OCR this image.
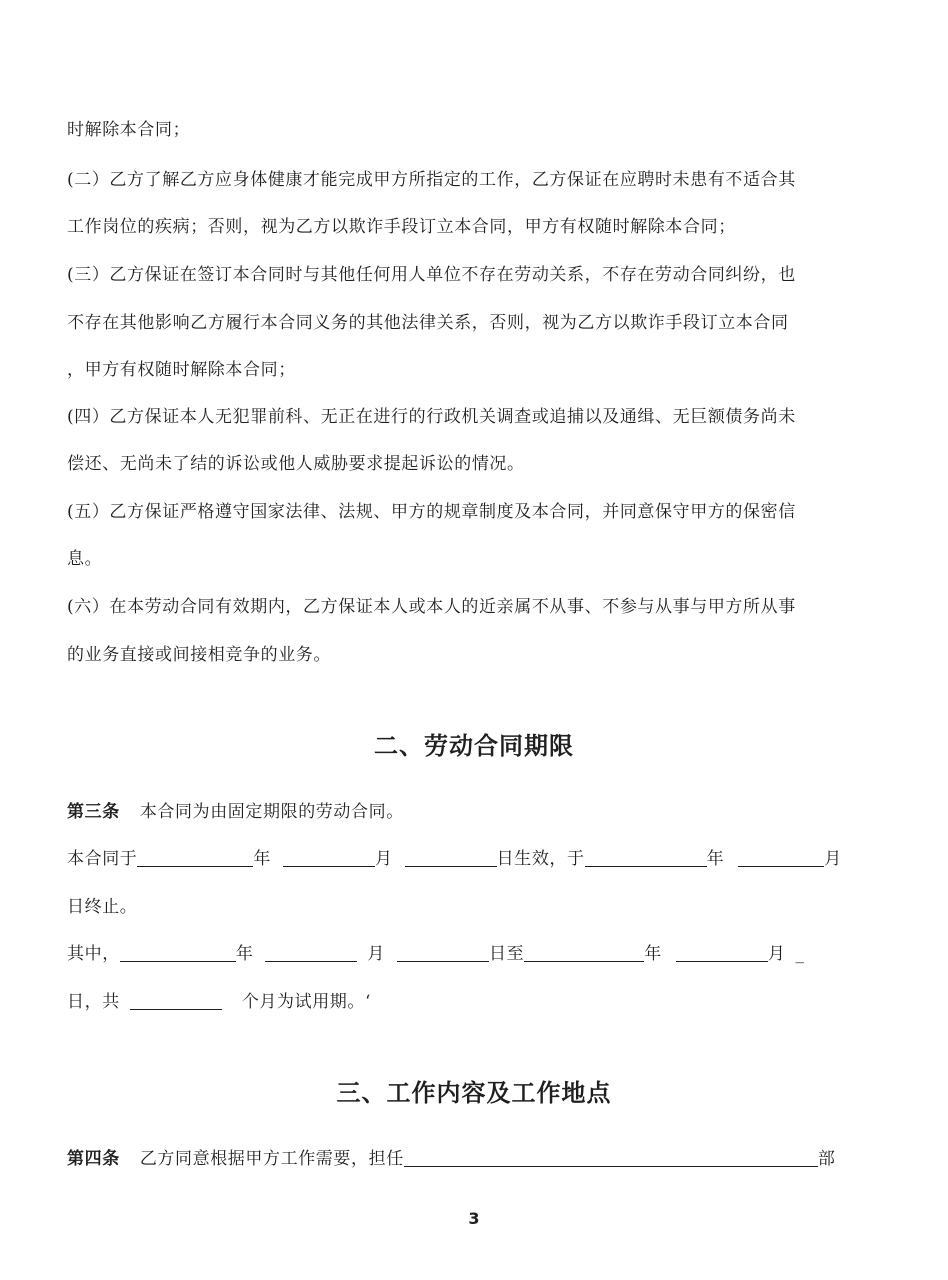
时解除本合同；
(二）乙方了解乙方应身体健康才能完成甲方所指定的工作，乙方保证在应聘时未患有不适合其
工作岗位的疾病；否则，视为乙方以欺诈手段订立本合同，甲方有权随时解除本合同；
(三）乙方保证在签订本合同时与其他任何用人单位不存在劳动关系，不存在劳动合同纠纷，也
不存在其他影响乙方履行本合同义务的其他法律关系，否则，视为乙方以欺诈手段订立本合同
，甲方有权随时解除本合同；
(四）乙方保证本人无犯罪前科、无正在进行的行政机关调查或追捕以及通缉、无巨额债务尚未
偿还、无尚未了结的诉讼或他人威胁要求提起诉讼的情况。
(五）乙方保证严格遵守国家法律、法规、甲方的规章制度及本合同，并同意保守甲方的保密信
息。
(六）在本劳动合同有效期内，乙方保证本人或本人的近亲属不从事、不参与从事与甲方所从事
的业务直接或间接相竞争的业务。
二、劳动合同期限
第三条 本合同为由固定期限的劳动合同。
本合同于	年	月	日生效，于	年	月
日终止。
其中，	年	月	日至	年	月 _
日，共	个月为试用期。‘
三、工作内容及工作地点
第四条 乙方同意根据甲方工作需要，担任	部
3
